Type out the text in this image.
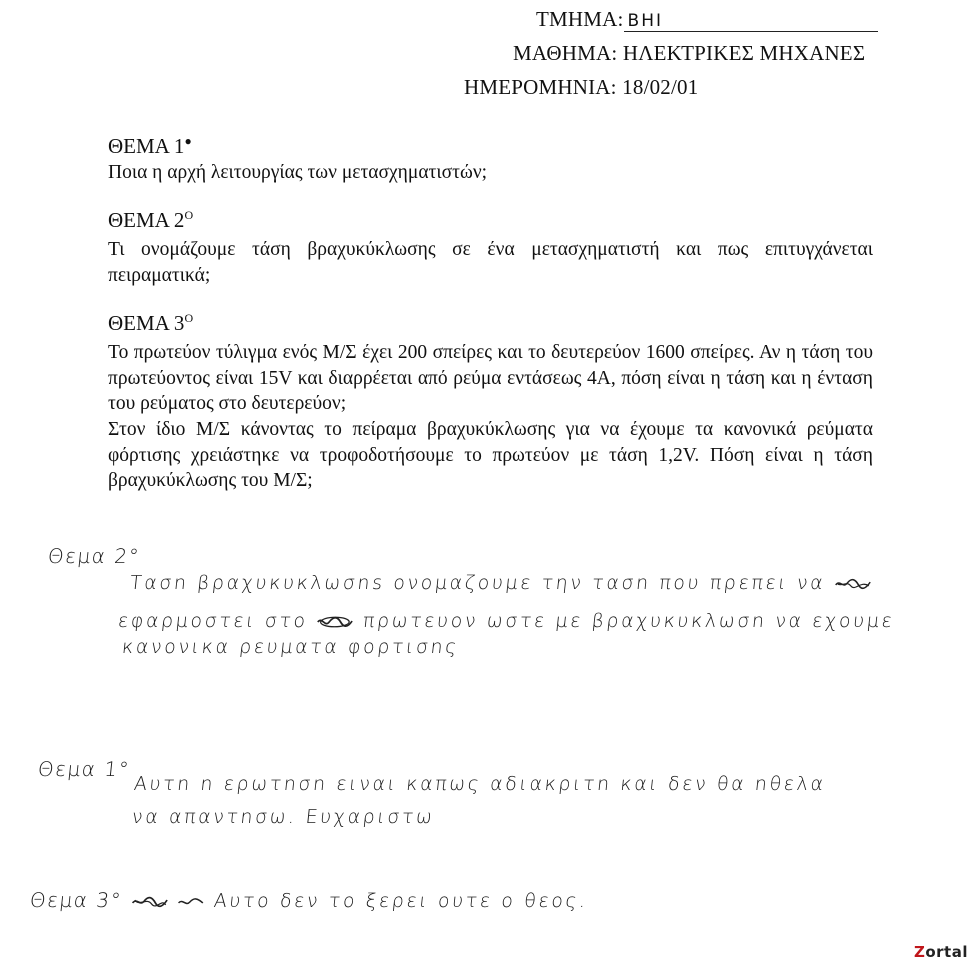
ΤΜΗΜΑ: ΒΗΙ
ΜΑΘΗΜΑ: ΗΛΕΚΤΡΙΚΕΣ ΜΗΧΑΝΕΣ
ΗΜΕΡΟΜΗΝΙΑ: 18/02/01
ΘΕΜΑ 1●
Ποια η αρχή λειτουργίας των μετασχηματιστών;
ΘΕΜΑ $2^O$
Τι ονομάζουμε τάση βραχυκύκλωσης σε ένα μετασχηματιστή και πως επιτυγχάνεται πειραματικά;
ΘΕΜΑ $3^O$
Το πρωτεύον τύλιγμα ενός Μ/Σ έχει 200 σπείρες και το δευτερεύον 1600 σπείρες. Αν η τάση του πρωτεύοντος είναι 15V και διαρρέεται από ρεύμα εντάσεως 4A, πόση είναι η τάση και η ένταση του ρεύματος στο δευτερεύον;
Στον ίδιο Μ/Σ κάνοντας το πείραμα βραχυκύκλωσης για να έχουμε τα κανονικά ρεύματα φόρτισης χρειάστηκε να τροφοδοτήσουμε το πρωτεύον με τάση 1,2V. Πόση είναι η τάση βραχυκύκλωσης του Μ/Σ;
Θεμα 2°
Τασn βραχυκυκλωσns ονομαζουμε την τασn που πρεπει να
εφαρμοστει στο	πρωτευον ωστε με βραχυκυκλωσn να εχουμε
κανονικα ρευματα φορτισnς
Θεμα 1°
Αυτn n ερωτnσn ειναι καπως αδιακριτn και δεν θα nθελα
να απαντnσω. Ευχαριστω
Θεμα 3°	Αυτο δεν το ξερει ουτε ο θεος.
Zortal
